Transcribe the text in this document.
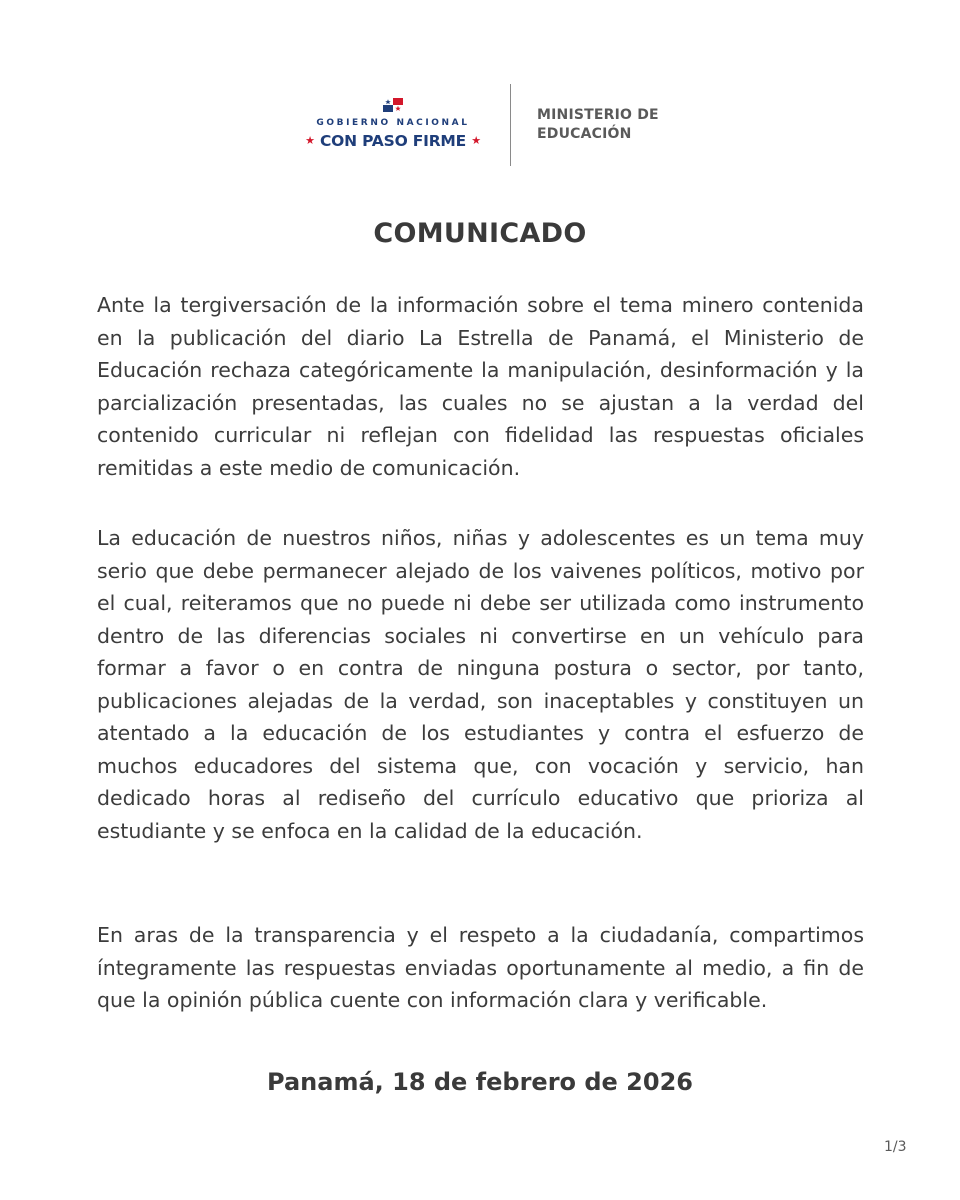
GOBIERNO NACIONAL
★ CON PASO FIRME ★
MINISTERIO DE
EDUCACIÓN
COMUNICADO

Ante la tergiversación de la información sobre el tema minero contenida en la publicación del diario La Estrella de Panamá, el Ministerio de Educación rechaza categóricamente la manipulación, desinformación y la parcialización presentadas, las cuales no se ajustan a la verdad del contenido curricular ni reflejan con fidelidad las respuestas oficiales remitidas a este medio de comunicación.

La educación de nuestros niños, niñas y adolescentes es un tema muy serio que debe permanecer alejado de los vaivenes políticos, motivo por el cual, reiteramos que no puede ni debe ser utilizada como instrumento dentro de las diferencias sociales ni convertirse en un vehículo para formar a favor o en contra de ninguna postura o sector, por tanto, publicaciones alejadas de la verdad, son inaceptables y constituyen un atentado a la educación de los estudiantes y contra el esfuerzo de muchos educadores del sistema que, con vocación y servicio, han dedicado horas al rediseño del currículo educativo que prioriza al estudiante y se enfoca en la calidad de la educación.

En aras de la transparencia y el respeto a la ciudadanía, compartimos íntegramente las respuestas enviadas oportunamente al medio, a fin de que la opinión pública cuente con información clara y verificable.

Panamá, 18 de febrero de 2026
1/3
